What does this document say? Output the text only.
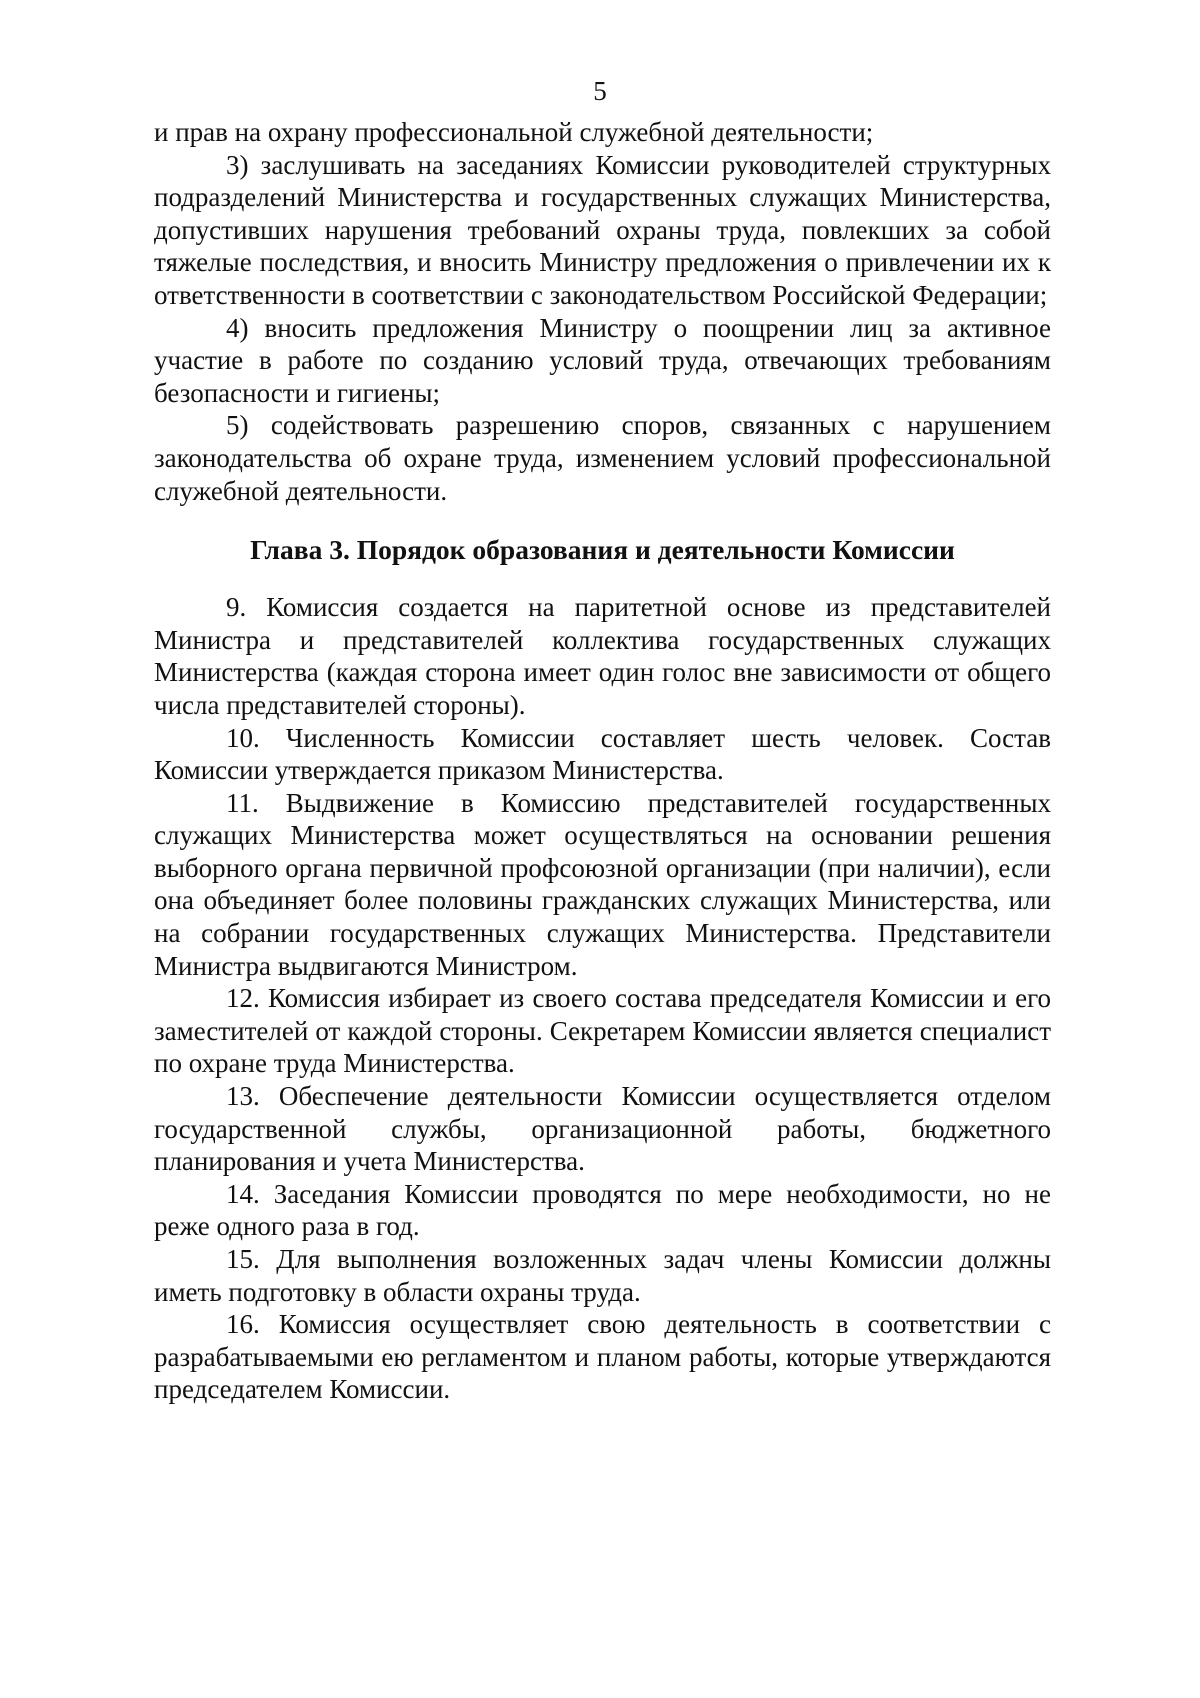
5

и прав на охрану профессиональной служебной деятельности;

3) заслушивать на заседаниях Комиссии руководителей структурных подразделений Министерства и государственных служащих Министерства, допустивших нарушения требований охраны труда, повлекших за собой тяжелые последствия, и вносить Министру предложения о привлечении их к ответственности в соответствии с законодательством Российской Федерации;

4) вносить предложения Министру о поощрении лиц за активное участие в работе по созданию условий труда, отвечающих требованиям безопасности и гигиены;

5) содействовать разрешению споров, связанных с нарушением законодательства об охране труда, изменением условий профессиональной служебной деятельности.

Глава 3. Порядок образования и деятельности Комиссии

9. Комиссия создается на паритетной основе из представителей Министра и представителей коллектива государственных служащих Министерства (каждая сторона имеет один голос вне зависимости от общего числа представителей стороны).

10. Численность Комиссии составляет шесть человек. Состав Комиссии утверждается приказом Министерства.

11. Выдвижение в Комиссию представителей государственных служащих Министерства может осуществляться на основании решения выборного органа первичной профсоюзной организации (при наличии), если она объединяет более половины гражданских служащих Министерства, или на собрании государственных служащих Министерства. Представители Министра выдвигаются Министром.

12. Комиссия избирает из своего состава председателя Комиссии и его заместителей от каждой стороны. Секретарем Комиссии является специалист по охране труда Министерства.

13. Обеспечение деятельности Комиссии осуществляется отделом государственной службы, организационной работы, бюджетного планирования и учета Министерства.

14. Заседания Комиссии проводятся по мере необходимости, но не реже одного раза в год.

15. Для выполнения возложенных задач члены Комиссии должны иметь подготовку в области охраны труда.

16. Комиссия осуществляет свою деятельность в соответствии с разрабатываемыми ею регламентом и планом работы, которые утверждаются председателем Комиссии.
